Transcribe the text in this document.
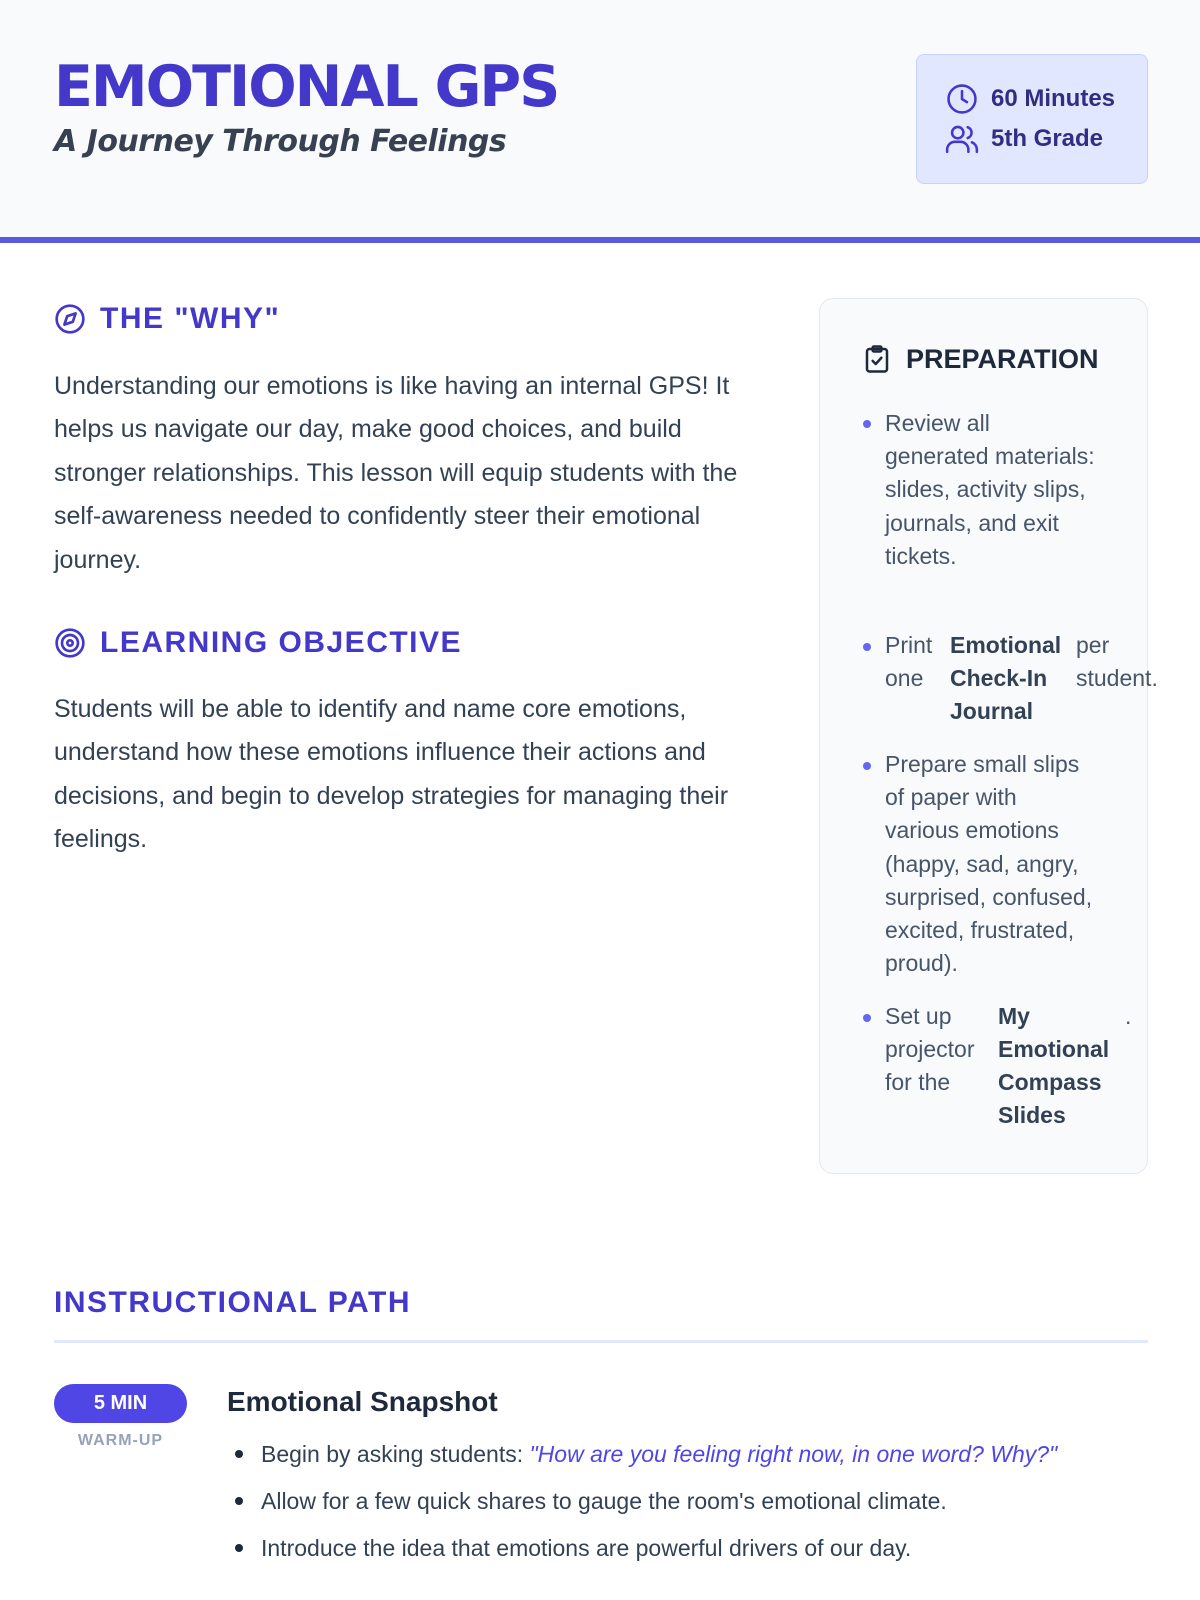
EMOTIONAL GPS
A Journey Through Feelings
60 Minutes
5th Grade
THE "WHY"
Understanding our emotions is like having an internal GPS! It helps us navigate our day, make good choices, and build stronger relationships. This lesson will equip students with the self-awareness needed to confidently steer their emotional journey.
LEARNING OBJECTIVE
Students will be able to identify and name core emotions, understand how these emotions influence their actions and decisions, and begin to develop strategies for managing their feelings.
PREPARATION
Review all generated materials: slides, activity slips, journals, and exit tickets.
Print
one
Emotional
Check-In
Journal
per
student.
Prepare small slips of paper with various emotions (happy, sad, angry, surprised, confused, excited, frustrated, proud).
Set up
projector
for the
My
Emotional
Compass
Slides
.
INSTRUCTIONAL PATH
5 MIN
WARM-UP
Emotional Snapshot
Begin by asking students: "How are you feeling right now, in one word? Why?"
Allow for a few quick shares to gauge the room's emotional climate.
Introduce the idea that emotions are powerful drivers of our day.
